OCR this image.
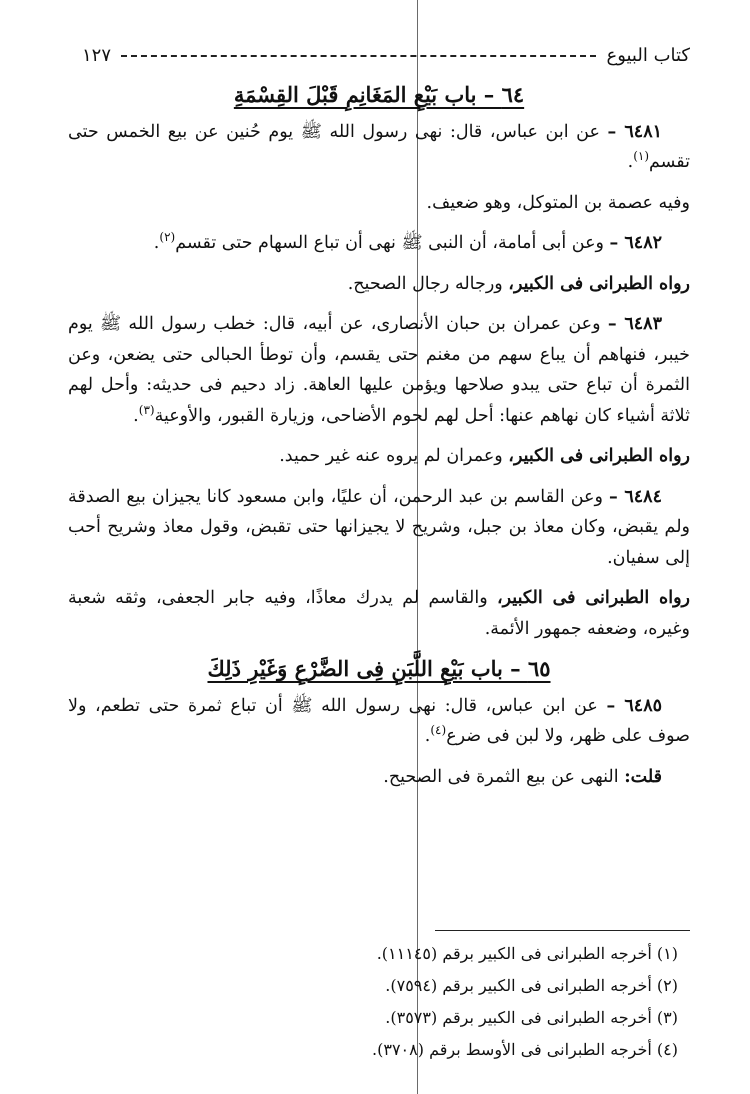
كتاب البيوع
١٢٧
٦٤ – باب بَيْعِ المَغَانِمِ قَبْلَ القِسْمَةِ

٦٤٨١ – عن ابن عباس، قال: نهى رسول الله ﷺ يوم حُنين عن بيع الخمس حتى تقسم$^{(١)}$.

وفيه عصمة بن المتوكل، وهو ضعيف.

٦٤٨٢ – وعن أبى أمامة، أن النبى ﷺ نهى أن تباع السهام حتى تقسم$^{(٢)}$.

رواه الطبرانى فى الكبير، ورجاله رجال الصحيح.

٦٤٨٣ – وعن عمران بن حبان الأنصارى، عن أبيه، قال: خطب رسول الله ﷺ يوم خيبر، فنهاهم أن يباع سهم من مغنم حتى يقسم، وأن توطأ الحبالى حتى يضعن، وعن الثمرة أن تباع حتى يبدو صلاحها ويؤمن عليها العاهة. زاد دحيم فى حديثه: وأحل لهم ثلاثة أشياء كان نهاهم عنها: أحل لهم لحوم الأضاحى، وزيارة القبور، والأوعية$^{(٣)}$.

رواه الطبرانى فى الكبير، وعمران لم يروه عنه غير حميد.

٦٤٨٤ – وعن القاسم بن عبد الرحمن، أن عليًا، وابن مسعود كانا يجيزان بيع الصدقة ولم يقبض، وكان معاذ بن جبل، وشريح لا يجيزانها حتى تقبض، وقول معاذ وشريح أحب إلى سفيان.

رواه الطبرانى فى الكبير، والقاسم لم يدرك معاذًا، وفيه جابر الجعفى، وثقه شعبة وغيره، وضعفه جمهور الأئمة.

٦٥ – باب بَيْعِ اللَّبَنِ فِى الضَّرْعِ وَغَيْرِ ذَلِكَ

٦٤٨٥ – عن ابن عباس، قال: نهى رسول الله ﷺ أن تباع ثمرة حتى تطعم، ولا صوف على ظهر، ولا لبن فى ضرع$^{(٤)}$.

قلت: النهى عن بيع الثمرة فى الصحيح.

(١) أخرجه الطبرانى فى الكبير برقم (١١١٤٥).
(٢) أخرجه الطبرانى فى الكبير برقم (٧٥٩٤).
(٣) أخرجه الطبرانى فى الكبير برقم (٣٥٧٣).
(٤) أخرجه الطبرانى فى الأوسط برقم (٣٧٠٨).
